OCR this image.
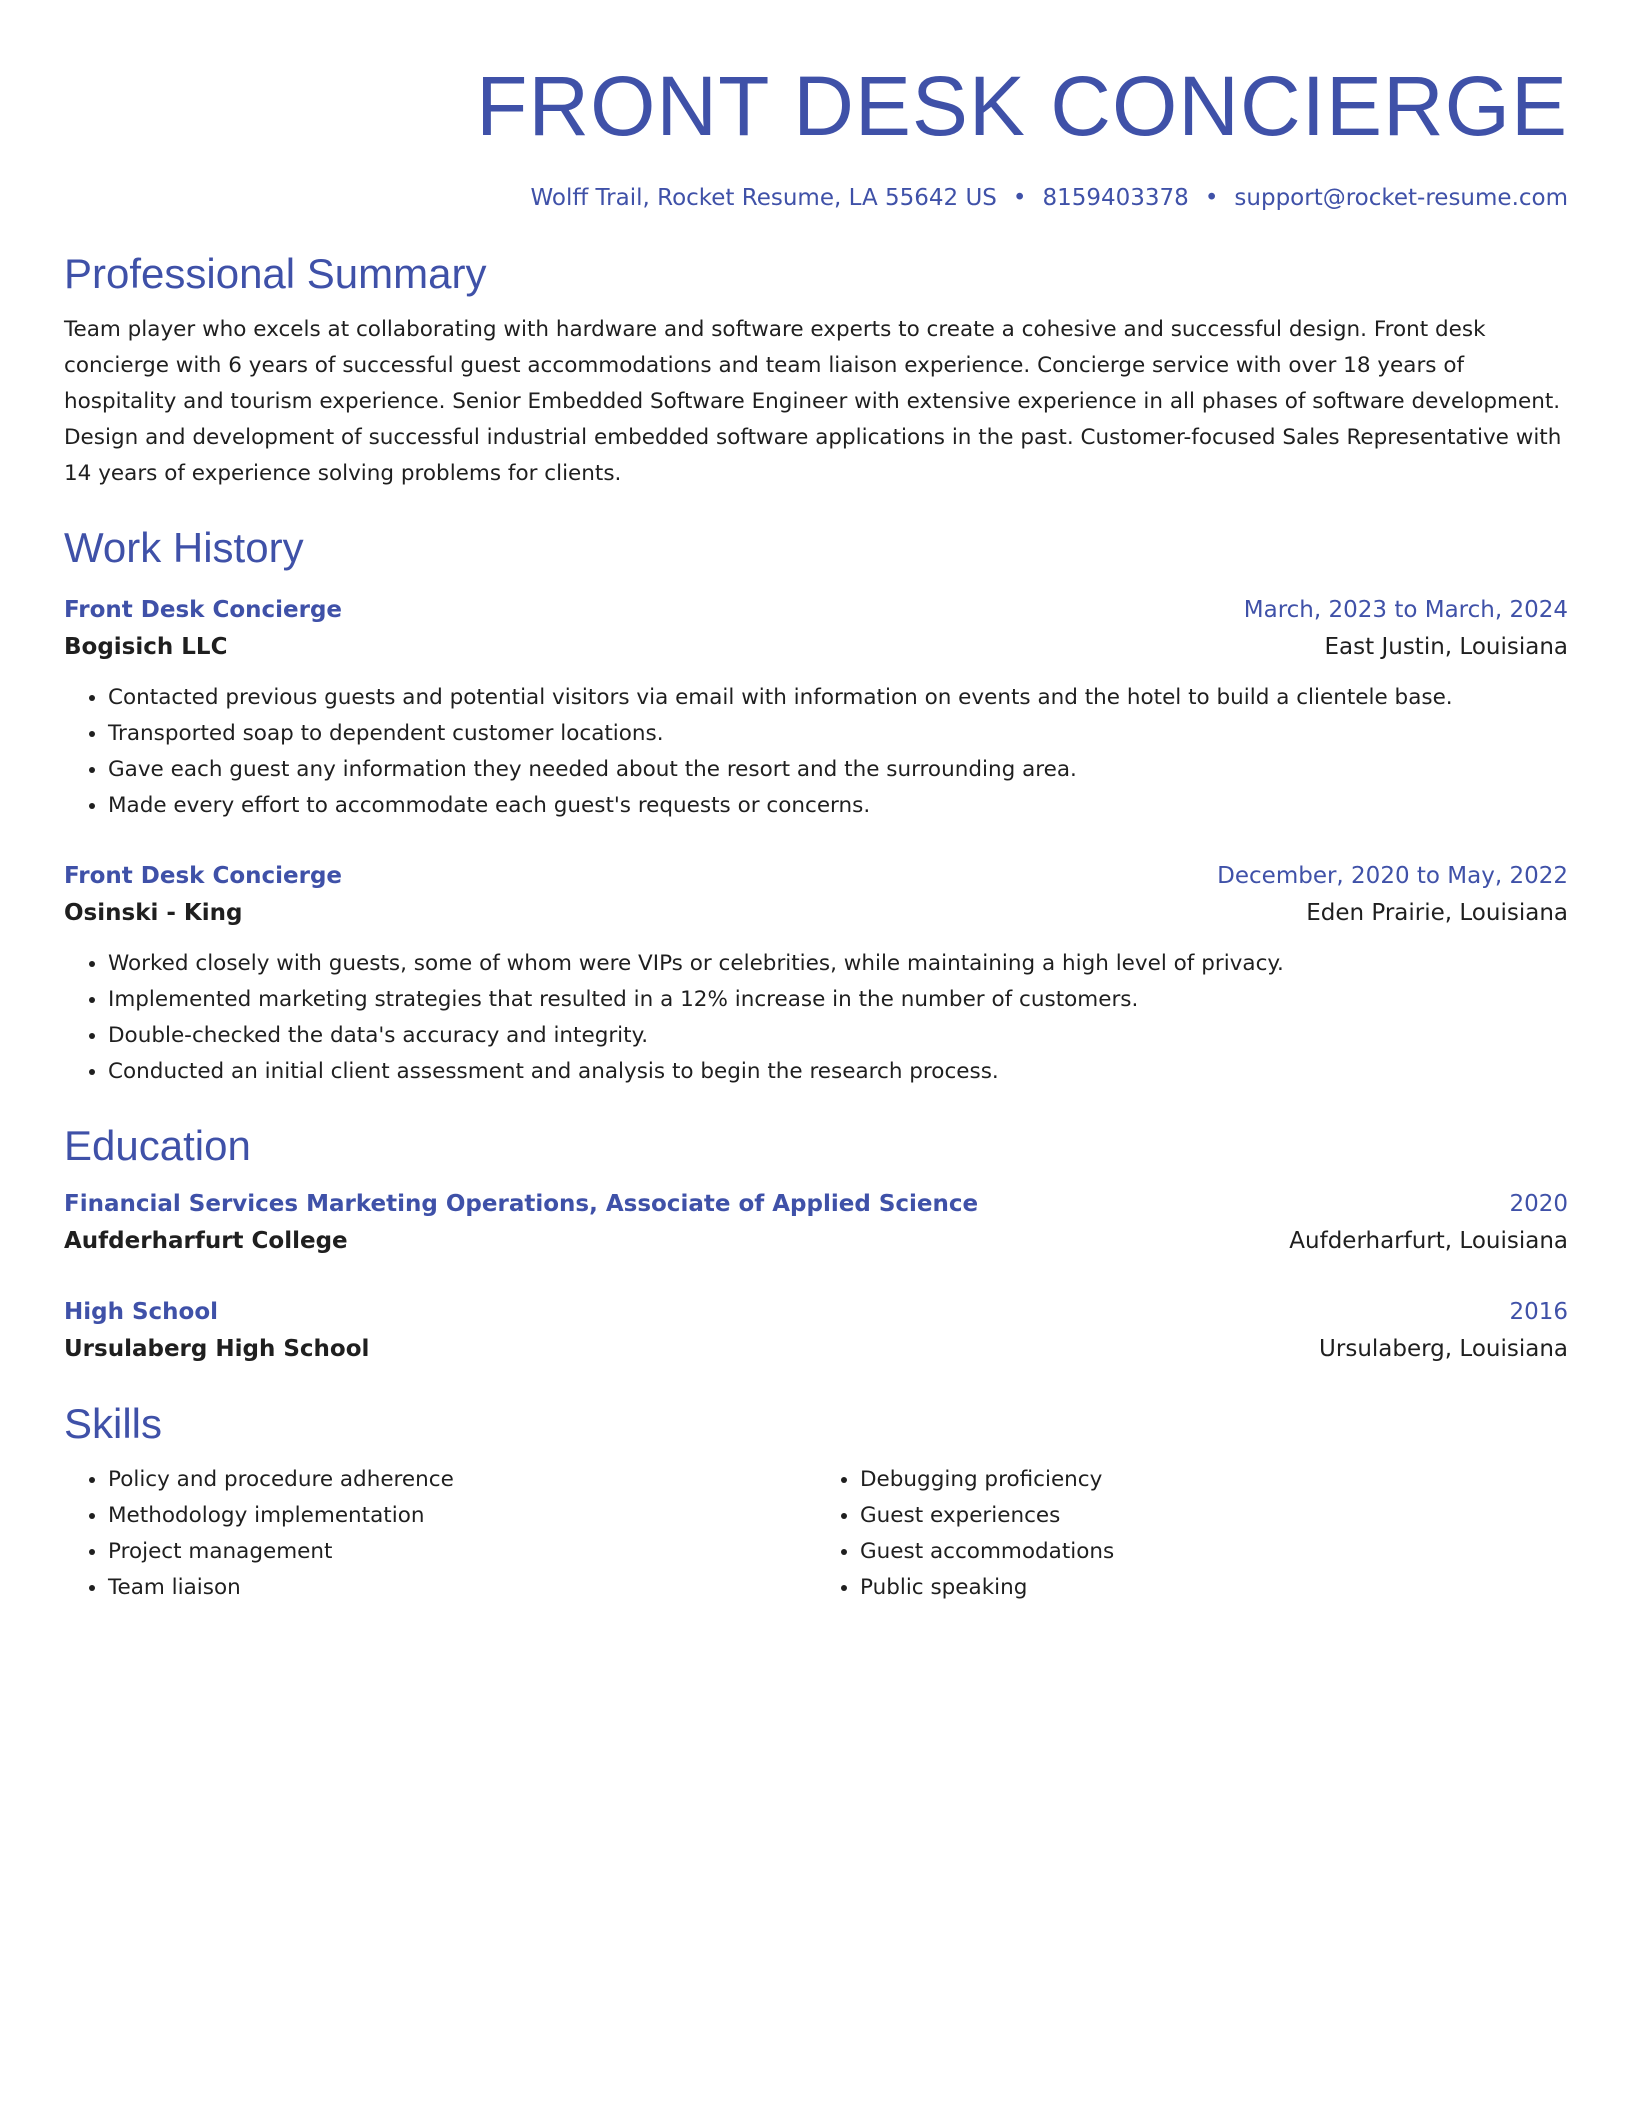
FRONT DESK CONCIERGE
Wolff Trail, Rocket Resume, LA 55642 US • 8159403378 • support@rocket-resume.com
Professional Summary
Team player who excels at collaborating with hardware and software experts to create a cohesive and successful design. Front desk concierge with 6 years of successful guest accommodations and team liaison experience. Concierge service with over 18 years of hospitality and tourism experience. Senior Embedded Software Engineer with extensive experience in all phases of software development. Design and development of successful industrial embedded software applications in the past. Customer-focused Sales Representative with 14 years of experience solving problems for clients.
Work History
Front Desk Concierge	March, 2023 to March, 2024
Bogisich LLC	East Justin, Louisiana
• Contacted previous guests and potential visitors via email with information on events and the hotel to build a clientele base.
• Transported soap to dependent customer locations.
• Gave each guest any information they needed about the resort and the surrounding area.
• Made every effort to accommodate each guest's requests or concerns.
Front Desk Concierge	December, 2020 to May, 2022
Osinski - King	Eden Prairie, Louisiana
• Worked closely with guests, some of whom were VIPs or celebrities, while maintaining a high level of privacy.
• Implemented marketing strategies that resulted in a 12% increase in the number of customers.
• Double-checked the data's accuracy and integrity.
• Conducted an initial client assessment and analysis to begin the research process.
Education
Financial Services Marketing Operations, Associate of Applied Science	2020
Aufderharfurt College	Aufderharfurt, Louisiana
High School	2016
Ursulaberg High School	Ursulaberg, Louisiana
Skills
• Policy and procedure adherence
• Methodology implementation
• Project management
• Team liaison
• Debugging proficiency
• Guest experiences
• Guest accommodations
• Public speaking
